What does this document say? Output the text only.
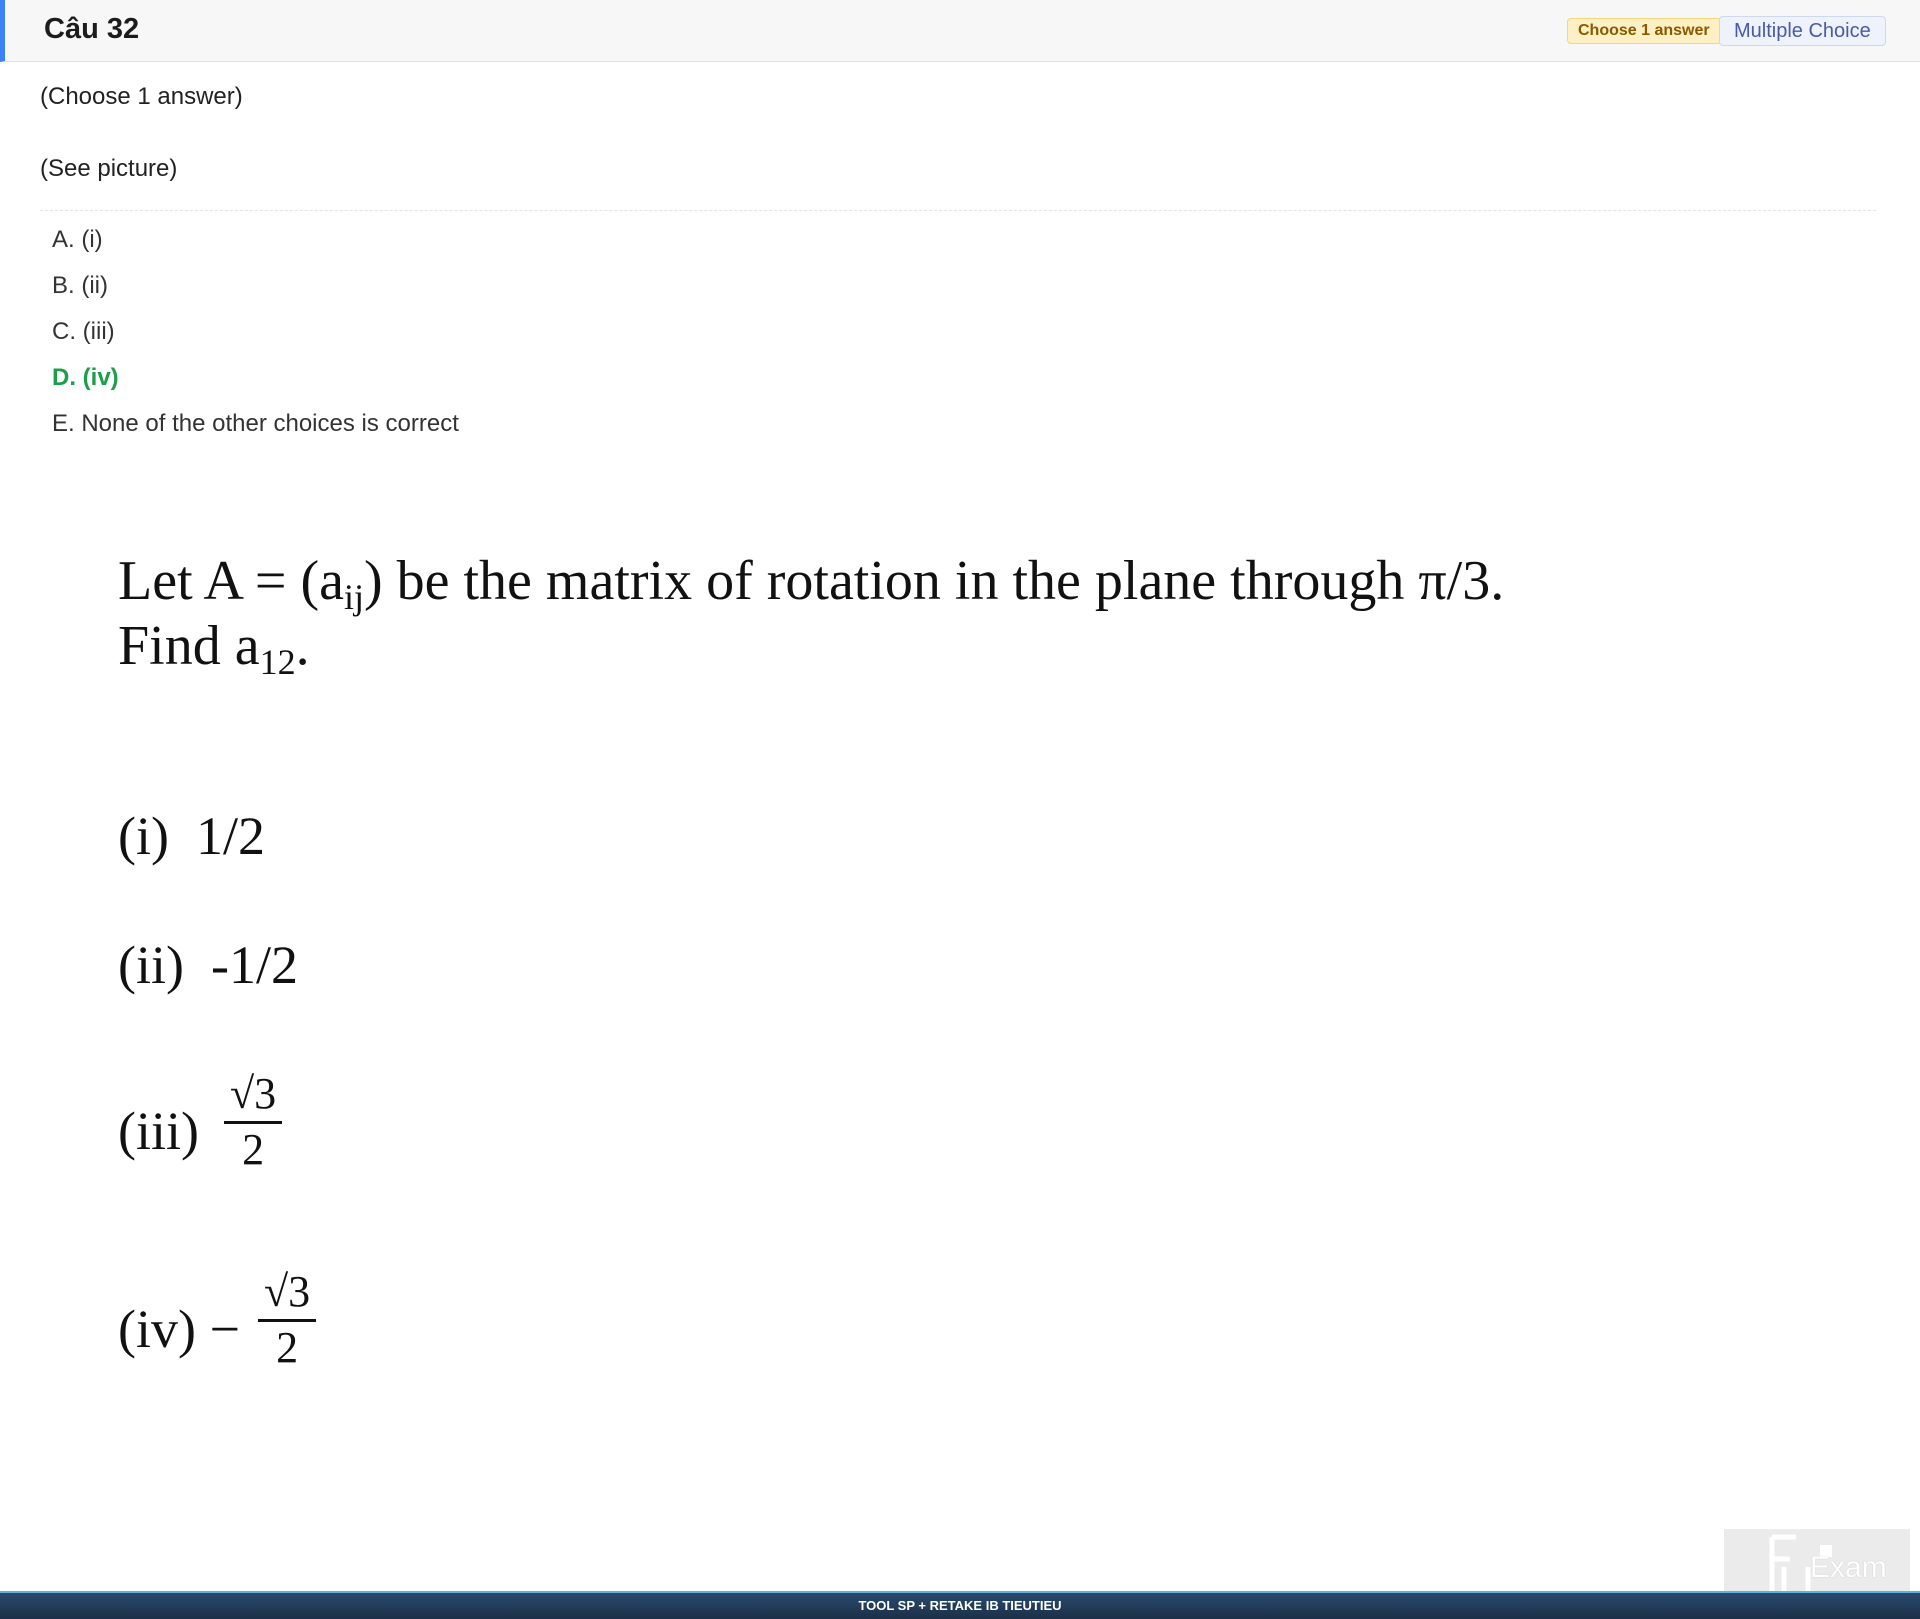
Câu 32	Choose 1 answer	Multiple Choice
(Choose 1 answer)
(See picture)
A. (i)
B. (ii)
C. (iii)
D. (iv)
E. None of the other choices is correct
Let $A = (a_{ij})$ be the matrix of rotation in the plane through π/3.
Find $a_{12}$.
(i) 1/2
(ii) -1/2
$(iii) \frac{√3}{2}$
$(iv) - \frac{√3}{2}$
Exam
TOOL SP + RETAKE IB TIEUTIEU
